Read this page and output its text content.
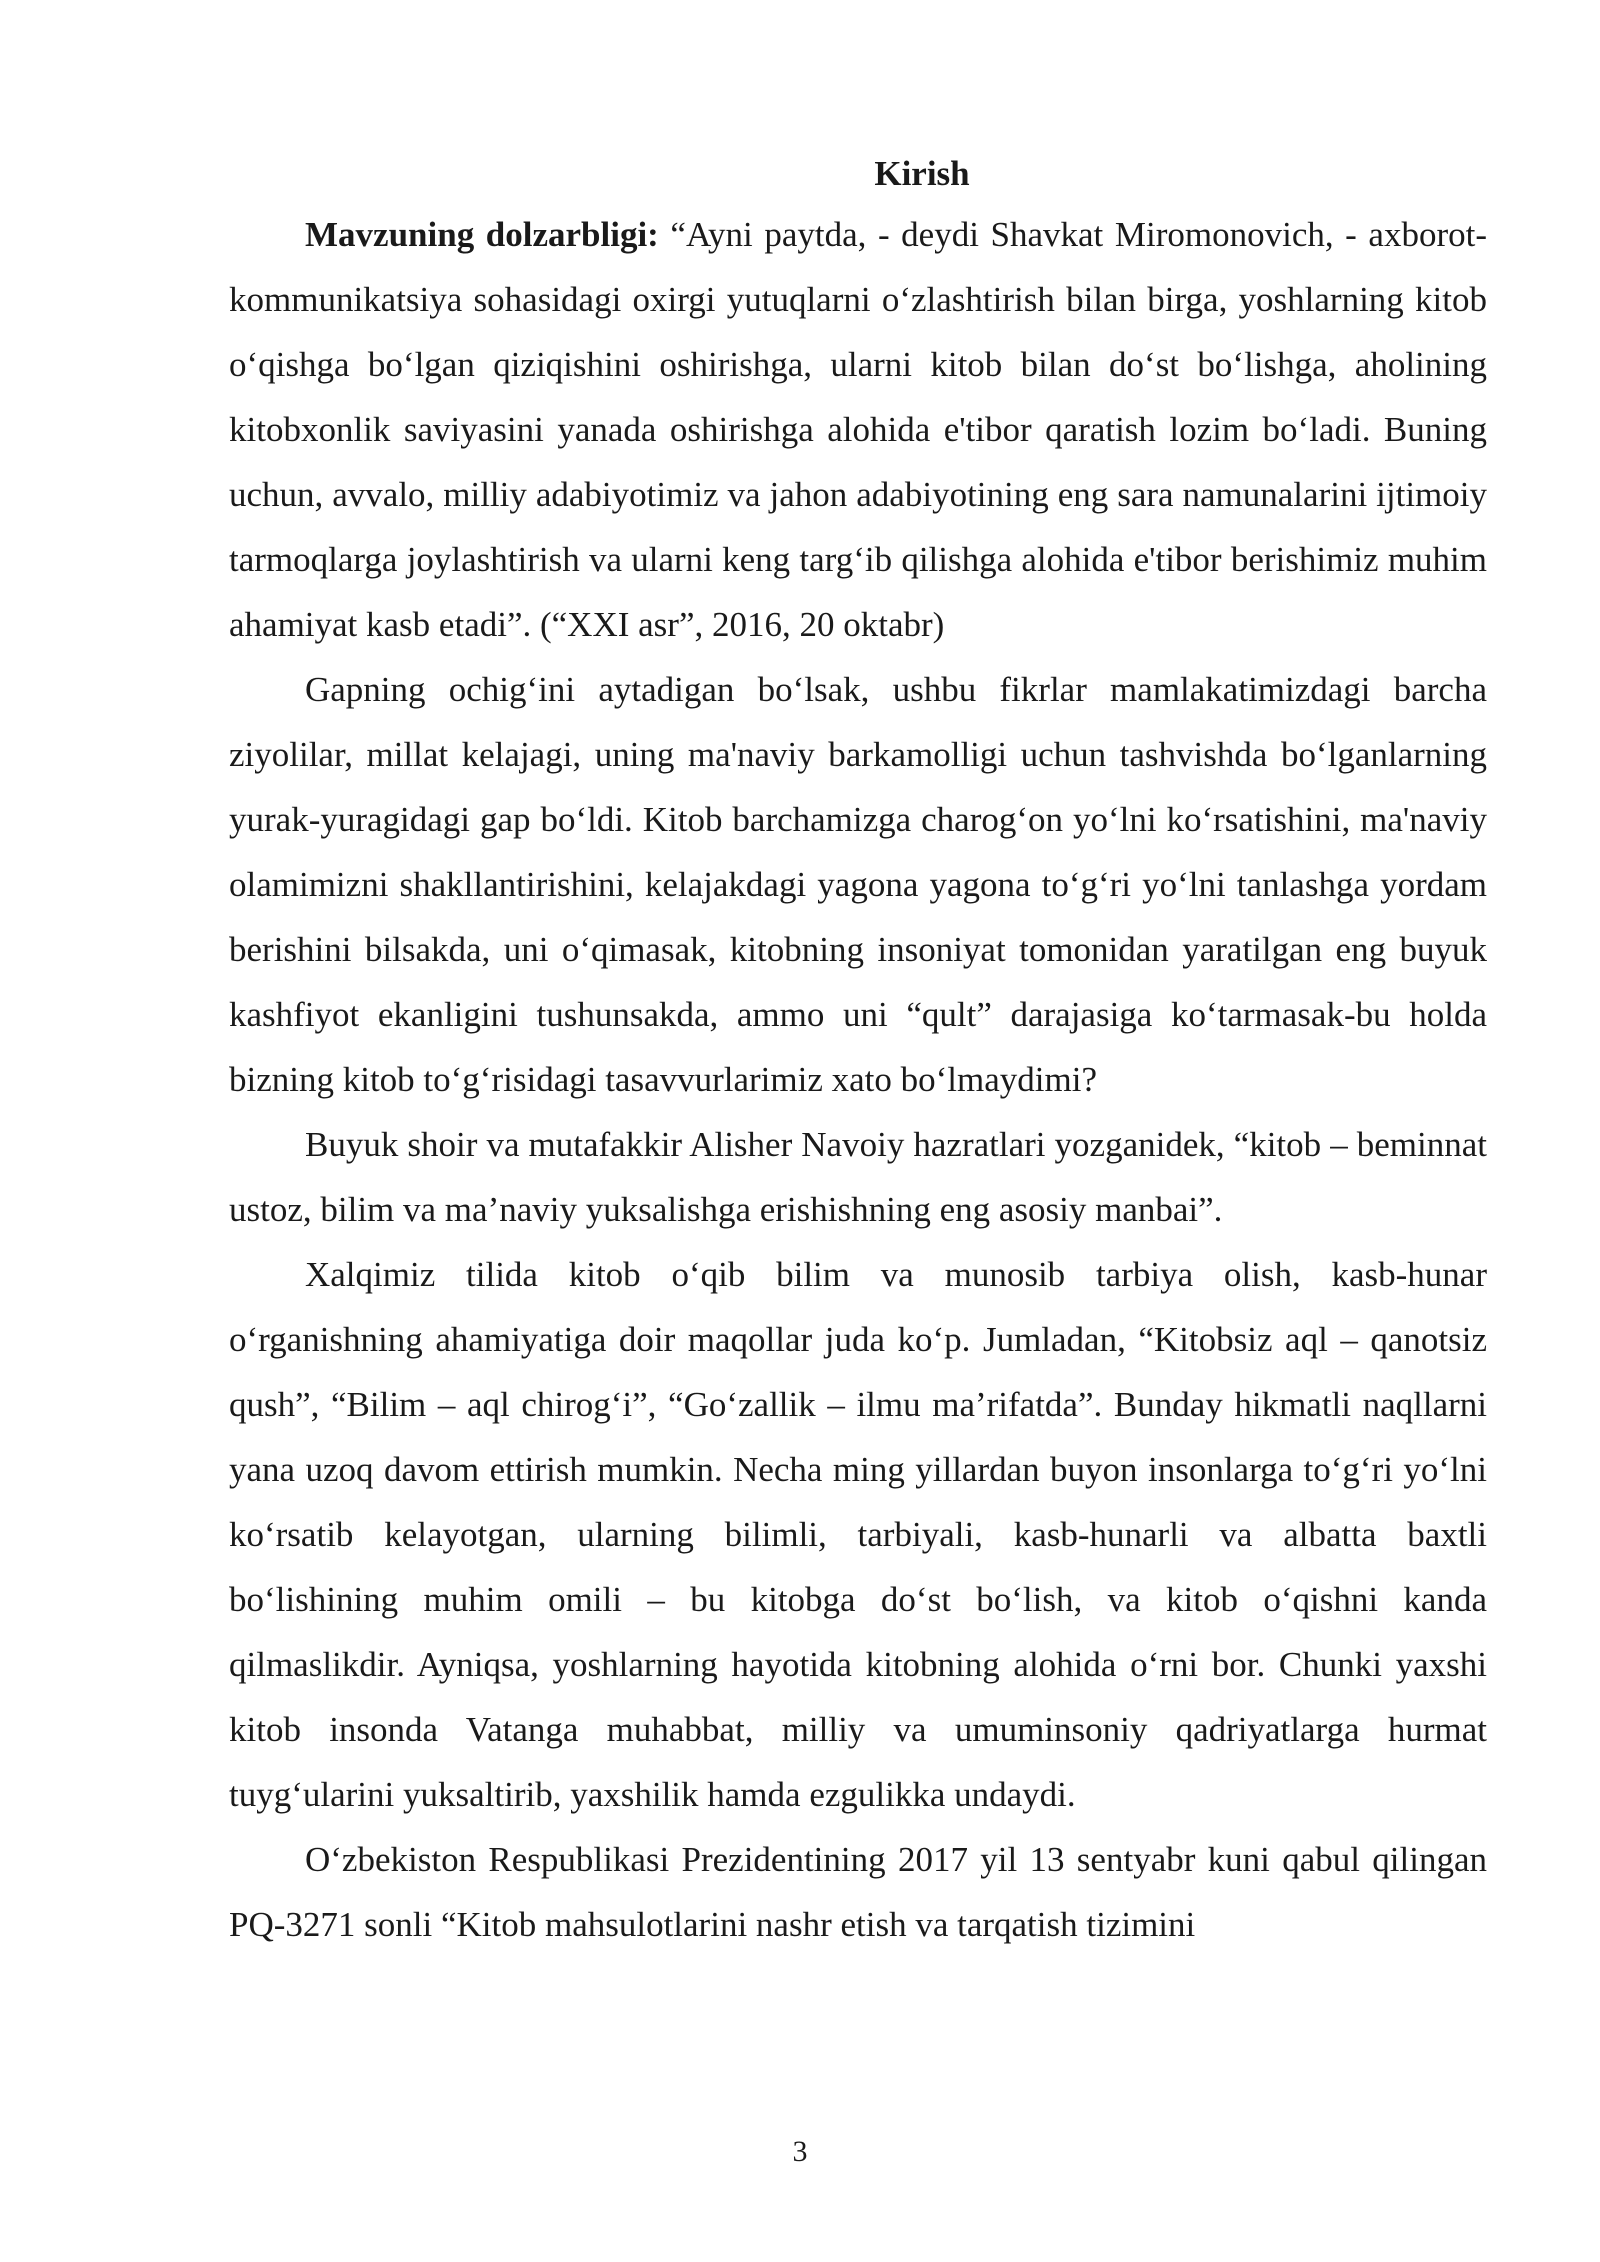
Kirish

Mavzuning dolzarbligi: “Ayni paytda, - deydi Shavkat Miromonovich, - axborot-kommunikatsiya sohasidagi oxirgi yutuqlarni oʻzlashtirish bilan birga, yoshlarning kitob oʻqishga boʻlgan qiziqishini oshirishga, ularni kitob bilan doʻst boʻlishga, aholining kitobxonlik saviyasini yanada oshirishga alohida e'tibor qaratish lozim boʻladi. Buning uchun, avvalo, milliy adabiyotimiz va jahon adabiyotining eng sara namunalarini ijtimoiy tarmoqlarga joylashtirish va ularni keng targʻib qilishga alohida e'tibor berishimiz muhim ahamiyat kasb etadi”. (“XXI asr”, 2016, 20 oktabr)

Gapning ochigʻini aytadigan boʻlsak, ushbu fikrlar mamlakatimizdagi barcha ziyolilar, millat kelajagi, uning ma'naviy barkamolligi uchun tashvishda boʻlganlarning yurak-yuragidagi gap boʻldi. Kitob barchamizga charogʻon yoʻlni koʻrsatishini, ma'naviy olamimizni shakllantirishini, kelajakdagi yagona yagona toʻgʻri yoʻlni tanlashga yordam berishini bilsakda, uni oʻqimasak, kitobning insoniyat tomonidan yaratilgan eng buyuk kashfiyot ekanligini tushunsakda, ammo uni “qult” darajasiga koʻtarmasak-bu holda bizning kitob toʻgʻrisidagi tasavvurlarimiz xato boʻlmaydimi?

Buyuk shoir va mutafakkir Alisher Navoiy hazratlari yozganidek, “kitob – beminnat ustoz, bilim va ma’naviy yuksalishga erishishning eng asosiy manbai”.

Xalqimiz tilida kitob oʻqib bilim va munosib tarbiya olish, kasb-hunar oʻrganishning ahamiyatiga doir maqollar juda koʻp. Jumladan, “Kitobsiz aql – qanotsiz qush”, “Bilim – aql chirogʻi”, “Goʻzallik – ilmu ma’rifatda”. Bunday hikmatli naqllarni yana uzoq davom ettirish mumkin. Necha ming yillardan buyon insonlarga toʻgʻri yoʻlni koʻrsatib kelayotgan, ularning bilimli, tarbiyali, kasb-hunarli va albatta baxtli boʻlishining muhim omili – bu kitobga doʻst boʻlish, va kitob oʻqishni kanda qilmaslikdir. Ayniqsa, yoshlarning hayotida kitobning alohida oʻrni bor. Chunki yaxshi kitob insonda Vatanga muhabbat, milliy va umuminsoniy qadriyatlarga hurmat tuygʻularini yuksaltirib, yaxshilik hamda ezgulikka undaydi.

Oʻzbekiston Respublikasi Prezidentining 2017 yil 13 sentyabr kuni qabul qilingan PQ-3271 sonli “Kitob mahsulotlarini nashr etish va tarqatish tizimini

3
